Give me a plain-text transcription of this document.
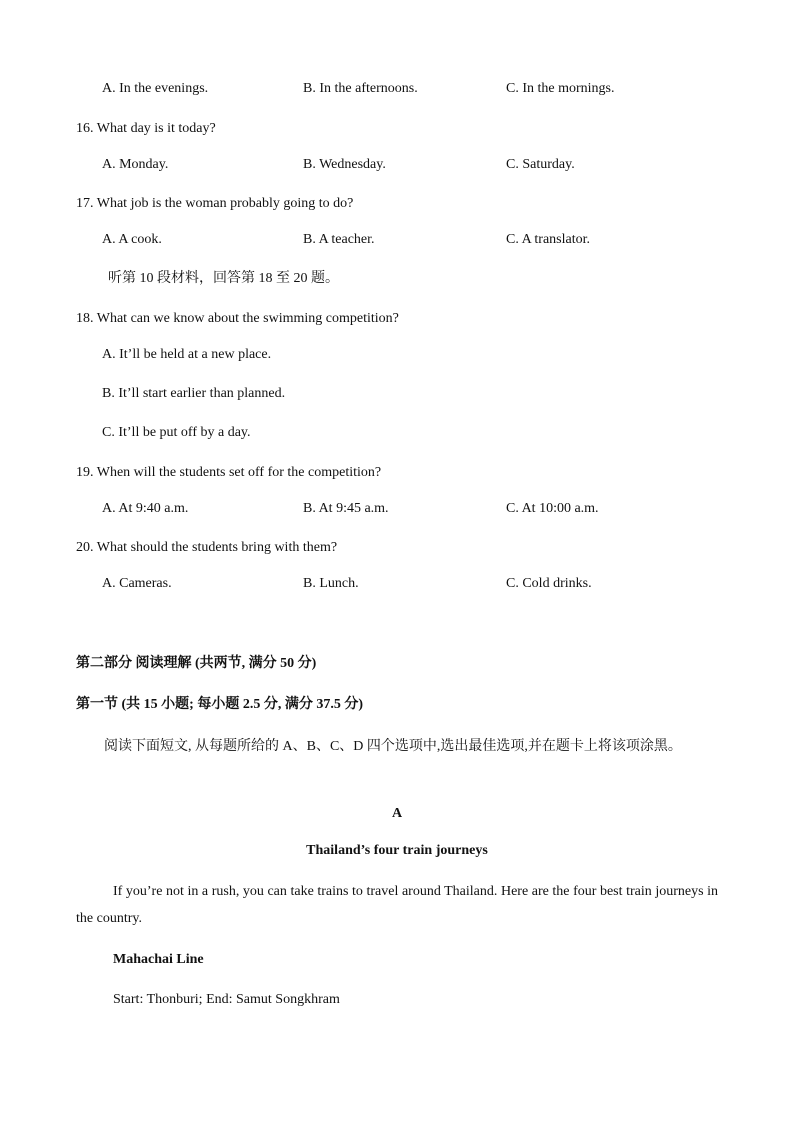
A. In the evenings.	B. In the afternoons.	C. In the mornings.
16. What day is it today?
A. Monday.	B. Wednesday.	C. Saturday.
17. What job is the woman probably going to do?
A. A cook.	B. A teacher.	C. A translator.
听第 10 段材料，回答第 18 至 20 题。
18. What can we know about the swimming competition?
A. It’ll be held at a new place.
B. It’ll start earlier than planned.
C. It’ll be put off by a day.
19. When will the students set off for the competition?
A. At 9:40 a.m.	B. At 9:45 a.m.	C. At 10:00 a.m.
20. What should the students bring with them?
A. Cameras.	B. Lunch.	C. Cold drinks.
第二部分 阅读理解 (共两节, 满分 50 分)
第一节 (共 15 小题; 每小题 2.5 分, 满分 37.5 分)
阅读下面短文, 从每题所给的 A、B、C、D 四个选项中,选出最佳选项,并在题卡上将该项涂黑。
A
Thailand’s four train journeys
If you’re not in a rush, you can take trains to travel around Thailand. Here are the four best train journeys in the country.
Mahachai Line
Start: Thonburi; End: Samut Songkhram
